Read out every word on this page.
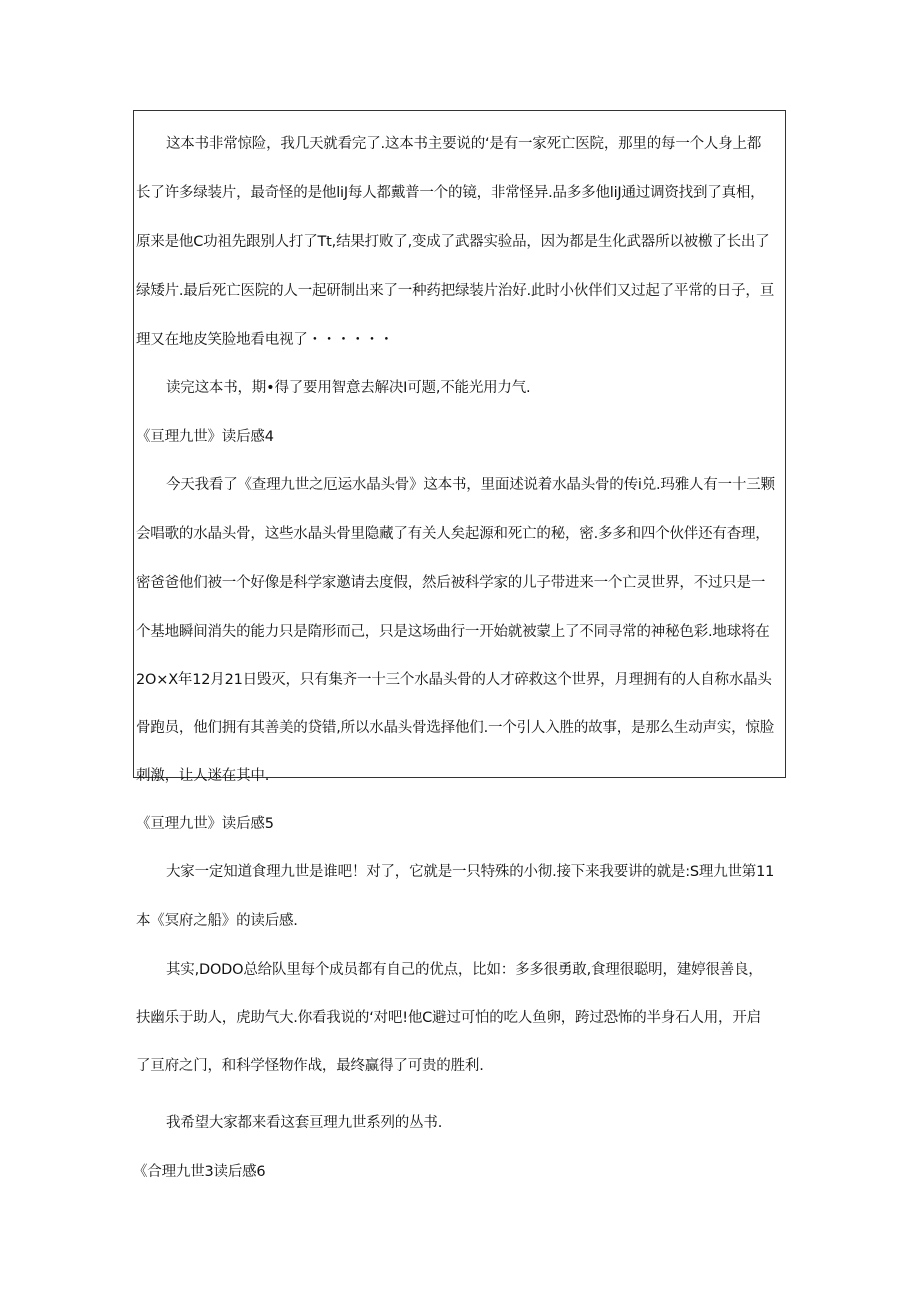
这本书非常惊险，我几天就看完了.这本书主要说的‘是有一家死亡医院，那里的每一个人身上都
长了许多绿装片，最奇怪的是他liJ每人都戴普一个的镜，非常怪异.品多多他liJ通过调资找到了真相，
原来是他C功祖先跟别人打了Tt,结果打败了,变成了武器实验品，因为都是生化武器所以被檄了长出了
绿矮片.最后死亡医院的人一起研制出来了一种药把绿装片治好.此时小伙伴们又过起了平常的日子，亘
理又在地皮笑脸地看电视了・・・・・・
读完这本书，期•得了要用智意去解决I可题,不能光用力气.
《亘理九世》读后感4
今天我看了《查理九世之厄运水晶头骨》这本书，里面述说着水晶头骨的传i兑.玛雅人有一十三颗
会唱歌的水晶头骨，这些水晶头骨里隐藏了有关人矣起源和死亡的秘，密.多多和四个伙伴还有杳理，
密爸爸他们被一个好像是科学家邀请去度假，然后被科学家的儿子带进来一个亡灵世界，不过只是一
个基地瞬间消失的能力只是隋形而己，只是这场曲行一开始就被蒙上了不同寻常的神秘色彩.地球将在
2O×X年12月21日毁灭，只有集齐一十三个水晶头骨的人才碎救这个世界，月理拥有的人自称水晶头
骨跑员，他们拥有其善美的贷错,所以水晶头骨选择他们.一个引人入胜的故事，是那么生动声实，惊脸
刺激，让人迷在其中.
《亘理九世》读后感5
大家一定知道食理九世是谁吧！对了，它就是一只特殊的小彻.接下来我要讲的就是:S理九世第11
本《冥府之船》的读后感.
其实,DODO总给队里每个成员都有自己的优点，比如：多多很勇敢,食理很聪明，建婷很善良，
扶幽乐于助人，虎助气大.你看我说的‘对吧!他C避过可怕的吃人鱼卵，跨过恐怖的半身石人用，开启
了亘府之门，和科学怪物作战，最终赢得了可贵的胜利.
我希望大家都来看这套亘理九世系列的丛书.
《合理九世3读后感6
